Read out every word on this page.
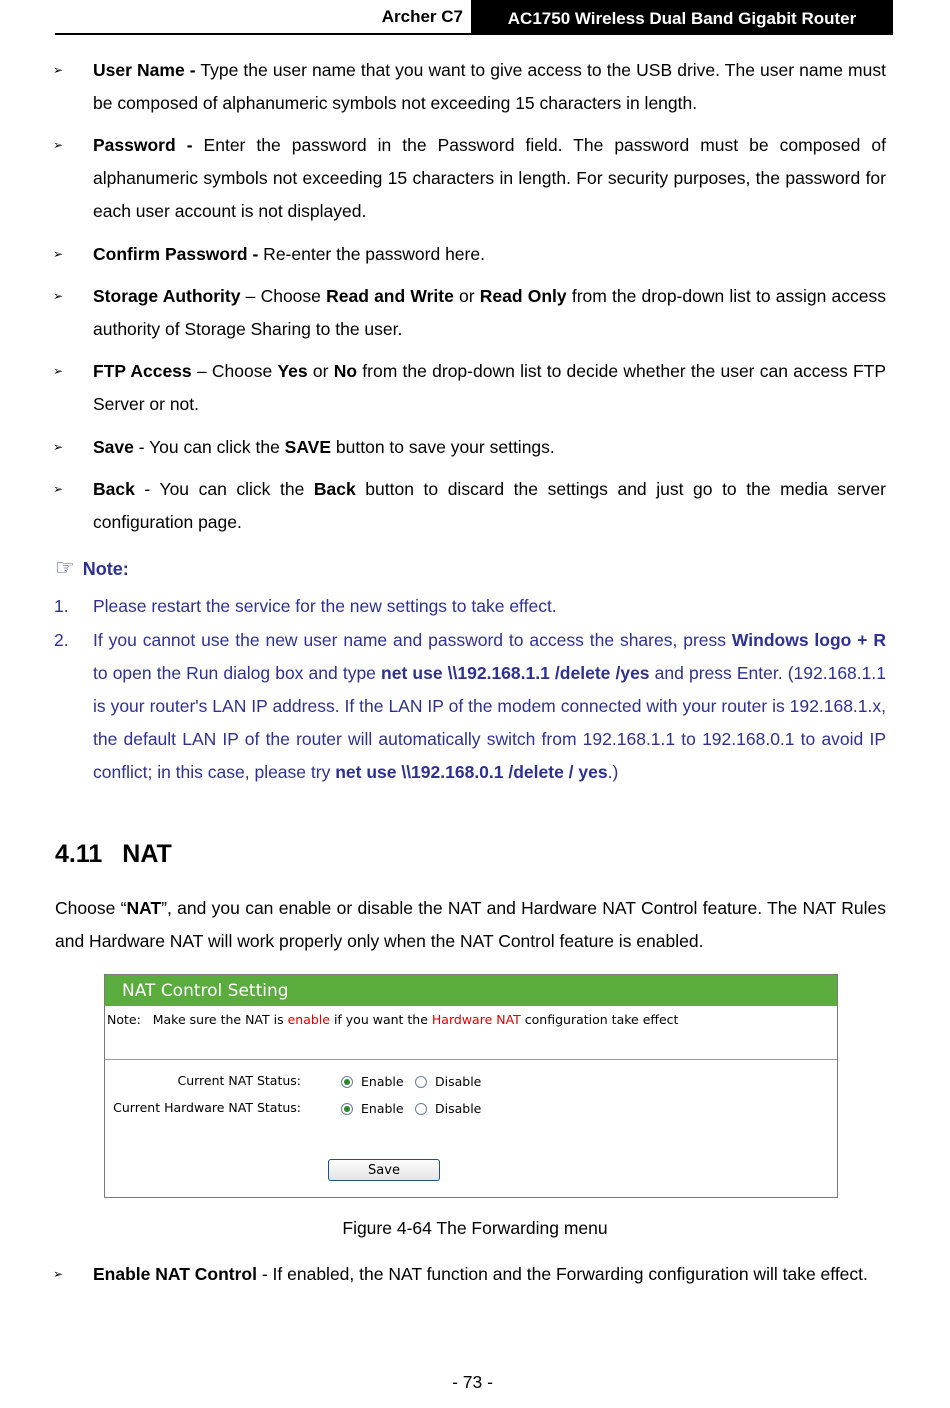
Archer C7	AC1750 Wireless Dual Band Gigabit Router
➢ User Name - Type the user name that you want to give access to the USB drive. The user name must be composed of alphanumeric symbols not exceeding 15 characters in length.
➢ Password - Enter the password in the Password field. The password must be composed of alphanumeric symbols not exceeding 15 characters in length. For security purposes, the password for each user account is not displayed.
➢ Confirm Password - Re-enter the password here.
➢ Storage Authority – Choose Read and Write or Read Only from the drop-down list to assign access authority of Storage Sharing to the user.
➢ FTP Access – Choose Yes or No from the drop-down list to decide whether the user can access FTP Server or not.
➢ Save - You can click the SAVE button to save your settings.
➢ Back - You can click the Back button to discard the settings and just go to the media server configuration page.
☞ Note:
1. Please restart the service for the new settings to take effect.
2. If you cannot use the new user name and password to access the shares, press Windows logo + R to open the Run dialog box and type net use \\192.168.1.1 /delete /yes and press Enter. (192.168.1.1 is your router's LAN IP address. If the LAN IP of the modem connected with your router is 192.168.1.x, the default LAN IP of the router will automatically switch from 192.168.1.1 to 192.168.0.1 to avoid IP conflict; in this case, please try net use \\192.168.0.1 /delete / yes.)
4.11 NAT
Choose “NAT”, and you can enable or disable the NAT and Hardware NAT Control feature. The NAT Rules and Hardware NAT will work properly only when the NAT Control feature is enabled.
NAT Control Setting
Note: Make sure the NAT is enable if you want the Hardware NAT configuration take effect
Current NAT Status:	Enable	Disable
Current Hardware NAT Status:	Enable	Disable
Save
Figure 4-64 The Forwarding menu
➢ Enable NAT Control - If enabled, the NAT function and the Forwarding configuration will take effect.
- 73 -
